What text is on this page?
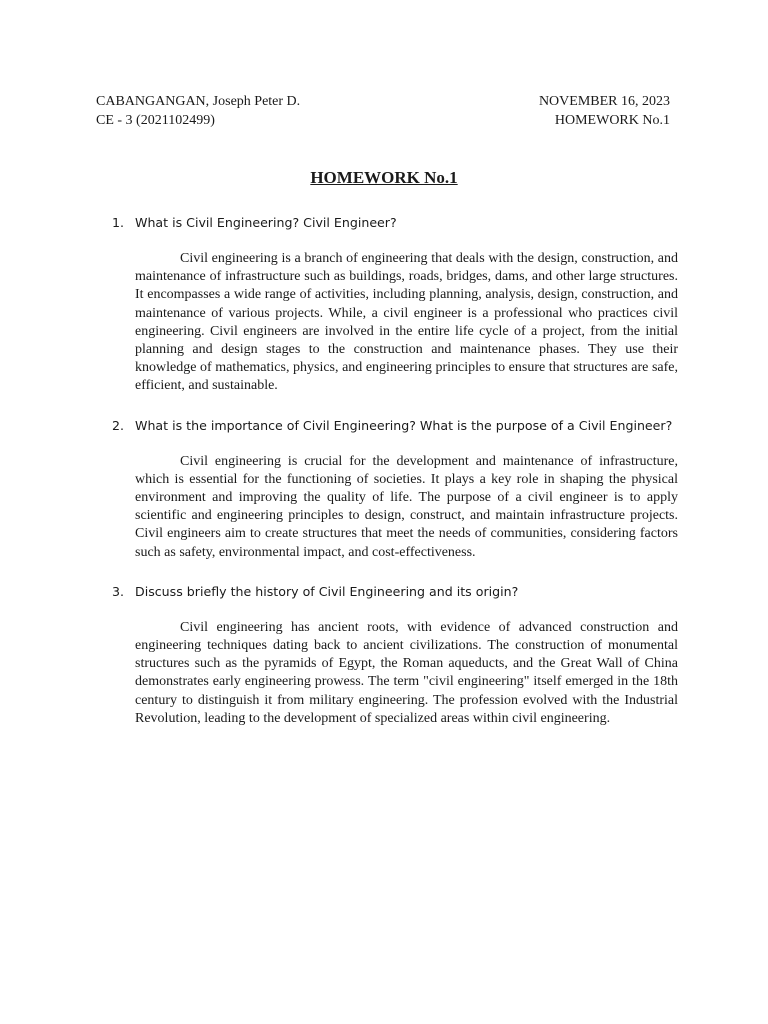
CABANGANGAN, Joseph Peter D.	NOVEMBER 16, 2023
CE - 3 (2021102499)	HOMEWORK No.1
HOMEWORK No.1
1. What is Civil Engineering? Civil Engineer?

Civil engineering is a branch of engineering that deals with the design, construction, and maintenance of infrastructure such as buildings, roads, bridges, dams, and other large structures. It encompasses a wide range of activities, including planning, analysis, design, construction, and maintenance of various projects. While, a civil engineer is a professional who practices civil engineering. Civil engineers are involved in the entire life cycle of a project, from the initial planning and design stages to the construction and maintenance phases. They use their knowledge of mathematics, physics, and engineering principles to ensure that structures are safe, efficient, and sustainable.

2. What is the importance of Civil Engineering? What is the purpose of a Civil Engineer?

Civil engineering is crucial for the development and maintenance of infrastructure, which is essential for the functioning of societies. It plays a key role in shaping the physical environment and improving the quality of life. The purpose of a civil engineer is to apply scientific and engineering principles to design, construct, and maintain infrastructure projects. Civil engineers aim to create structures that meet the needs of communities, considering factors such as safety, environmental impact, and cost-effectiveness.

3. Discuss briefly the history of Civil Engineering and its origin?

Civil engineering has ancient roots, with evidence of advanced construction and engineering techniques dating back to ancient civilizations. The construction of monumental structures such as the pyramids of Egypt, the Roman aqueducts, and the Great Wall of China demonstrates early engineering prowess. The term "civil engineering" itself emerged in the 18th century to distinguish it from military engineering. The profession evolved with the Industrial Revolution, leading to the development of specialized areas within civil engineering.
